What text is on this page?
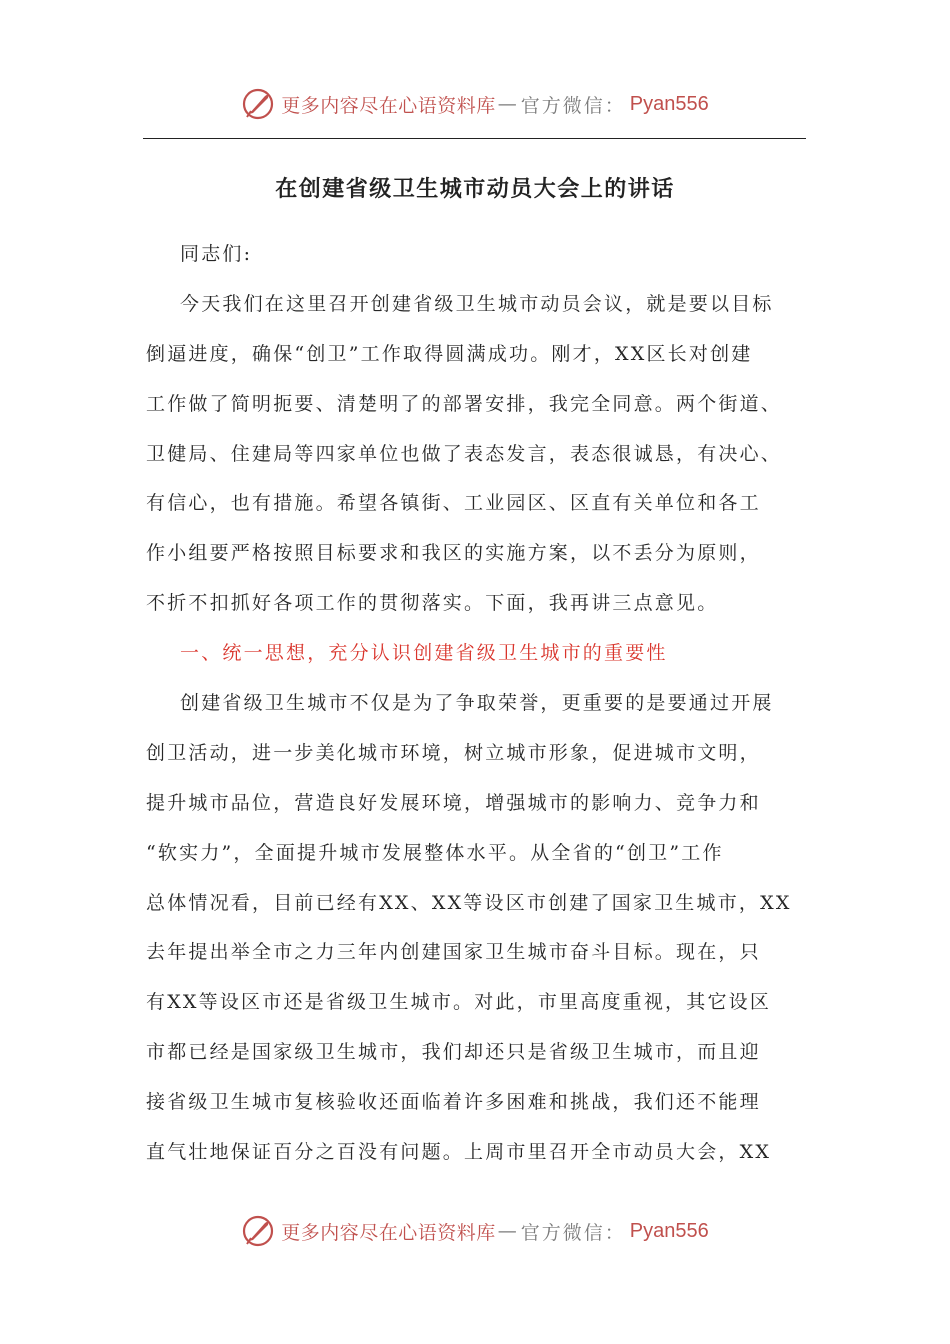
更多内容尽在心语资料库 — 官方微信： Pyan556
在创建省级卫生城市动员大会上的讲话
同志们:
今天我们在这里召开创建省级卫生城市动员会议，就是要以目标
倒逼进度，确保“创卫”工作取得圆满成功。刚才，XX区长对创建
工作做了简明扼要、清楚明了的部署安排，我完全同意。两个街道、
卫健局、住建局等四家单位也做了表态发言，表态很诚恳，有决心、
有信心，也有措施。希望各镇街、工业园区、区直有关单位和各工
作小组要严格按照目标要求和我区的实施方案，以不丢分为原则，
不折不扣抓好各项工作的贯彻落实。下面，我再讲三点意见。
一、统一思想，充分认识创建省级卫生城市的重要性
创建省级卫生城市不仅是为了争取荣誉，更重要的是要通过开展
创卫活动，进一步美化城市环境，树立城市形象，促进城市文明，
提升城市品位，营造良好发展环境，增强城市的影响力、竞争力和
“软实力”，全面提升城市发展整体水平。从全省的“创卫”工作
总体情况看，目前已经有XX、XX等设区市创建了国家卫生城市，XX
去年提出举全市之力三年内创建国家卫生城市奋斗目标。现在，只
有XX等设区市还是省级卫生城市。对此，市里高度重视，其它设区
市都已经是国家级卫生城市，我们却还只是省级卫生城市，而且迎
接省级卫生城市复核验收还面临着许多困难和挑战，我们还不能理
直气壮地保证百分之百没有问题。上周市里召开全市动员大会，XX
更多内容尽在心语资料库 — 官方微信： Pyan556
